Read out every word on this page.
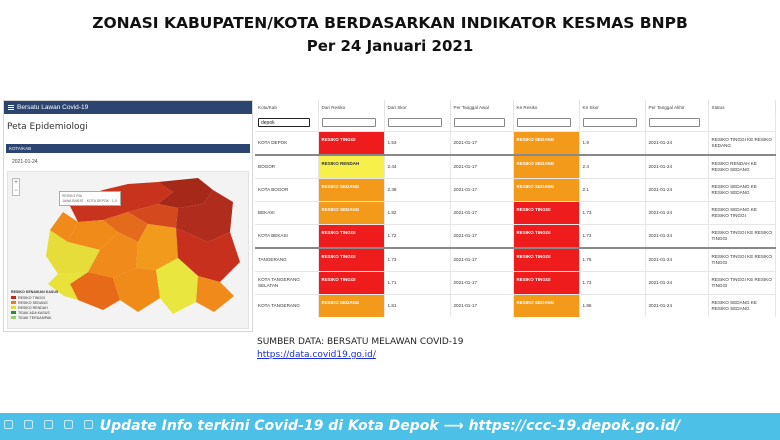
ZONASI KABUPATEN/KOTA BERDASARKAN INDIKATOR KESMAS BNPB
Per 24 Januari 2021
Bersatu Lawan Covid-19
Peta Epidemiologi
KOTA/KAB
2021-01-24
+
−
RESIKO RIA
JAWA BARAT - KOTA DEPOK : 1.0
RESIKO KENAIKAN KASUS
RESIKO TINGGI
RESIKO SEDANG
RESIKO RENDAH
TIDAK ADA KASUS
TIDAK TERDAMPAK
Kota/Kab	Dari Resiko	Dari Skor	Per Tanggal Awal	Ke Resiko	Ke Skor	Per Tanggal Akhir	Status

depok							

KOTA DEPOK	RESIKO TINGGI	1.53	2021-01-17	RESIKO SEDANG	1.9	2021-01-24	RESIKO TINGGI KE RESIKO SEDANG
BOGOR	RESIKO RENDAH	2.44	2021-01-17	RESIKO SEDANG	2.4	2021-01-24	RESIKO RENDAH KE RESIKO SEDANG
KOTA BOGOR	RESIKO SEDANG	2.38	2021-01-17	RESIKO SEDANG	2.1	2021-01-24	RESIKO SEDANG KE RESIKO SEDANG
BEKASI	RESIKO SEDANG	1.82	2021-01-17	RESIKO TINGGI	1.73	2021-01-24	RESIKO SEDANG KE RESIKO TINGGI
KOTA BEKASI	RESIKO TINGGI	1.72	2021-01-17	RESIKO TINGGI	1.73	2021-01-24	RESIKO TINGGI KE RESIKO TINGGI
TANGERANG	RESIKO TINGGI	1.73	2021-01-17	RESIKO TINGGI	1.76	2021-01-24	RESIKO TINGGI KE RESIKO TINGGI
KOTA TANGERANG SELATAN	RESIKO TINGGI	1.71	2021-01-17	RESIKO TINGGI	1.73	2021-01-24	RESIKO TINGGI KE RESIKO TINGGI
KOTA TANGERANG	RESIKO SEDANG	1.81	2021-01-17	RESIKO SEDANG	1.86	2021-01-24	RESIKO SEDANG KE RESIKO SEDANG
SUMBER DATA: BERSATU MELAWAN COVID-19
https://data.covid19.go.id/
Update Info terkini Covid-19 di Kota Depok ⟶ https://ccc-19.depok.go.id/
